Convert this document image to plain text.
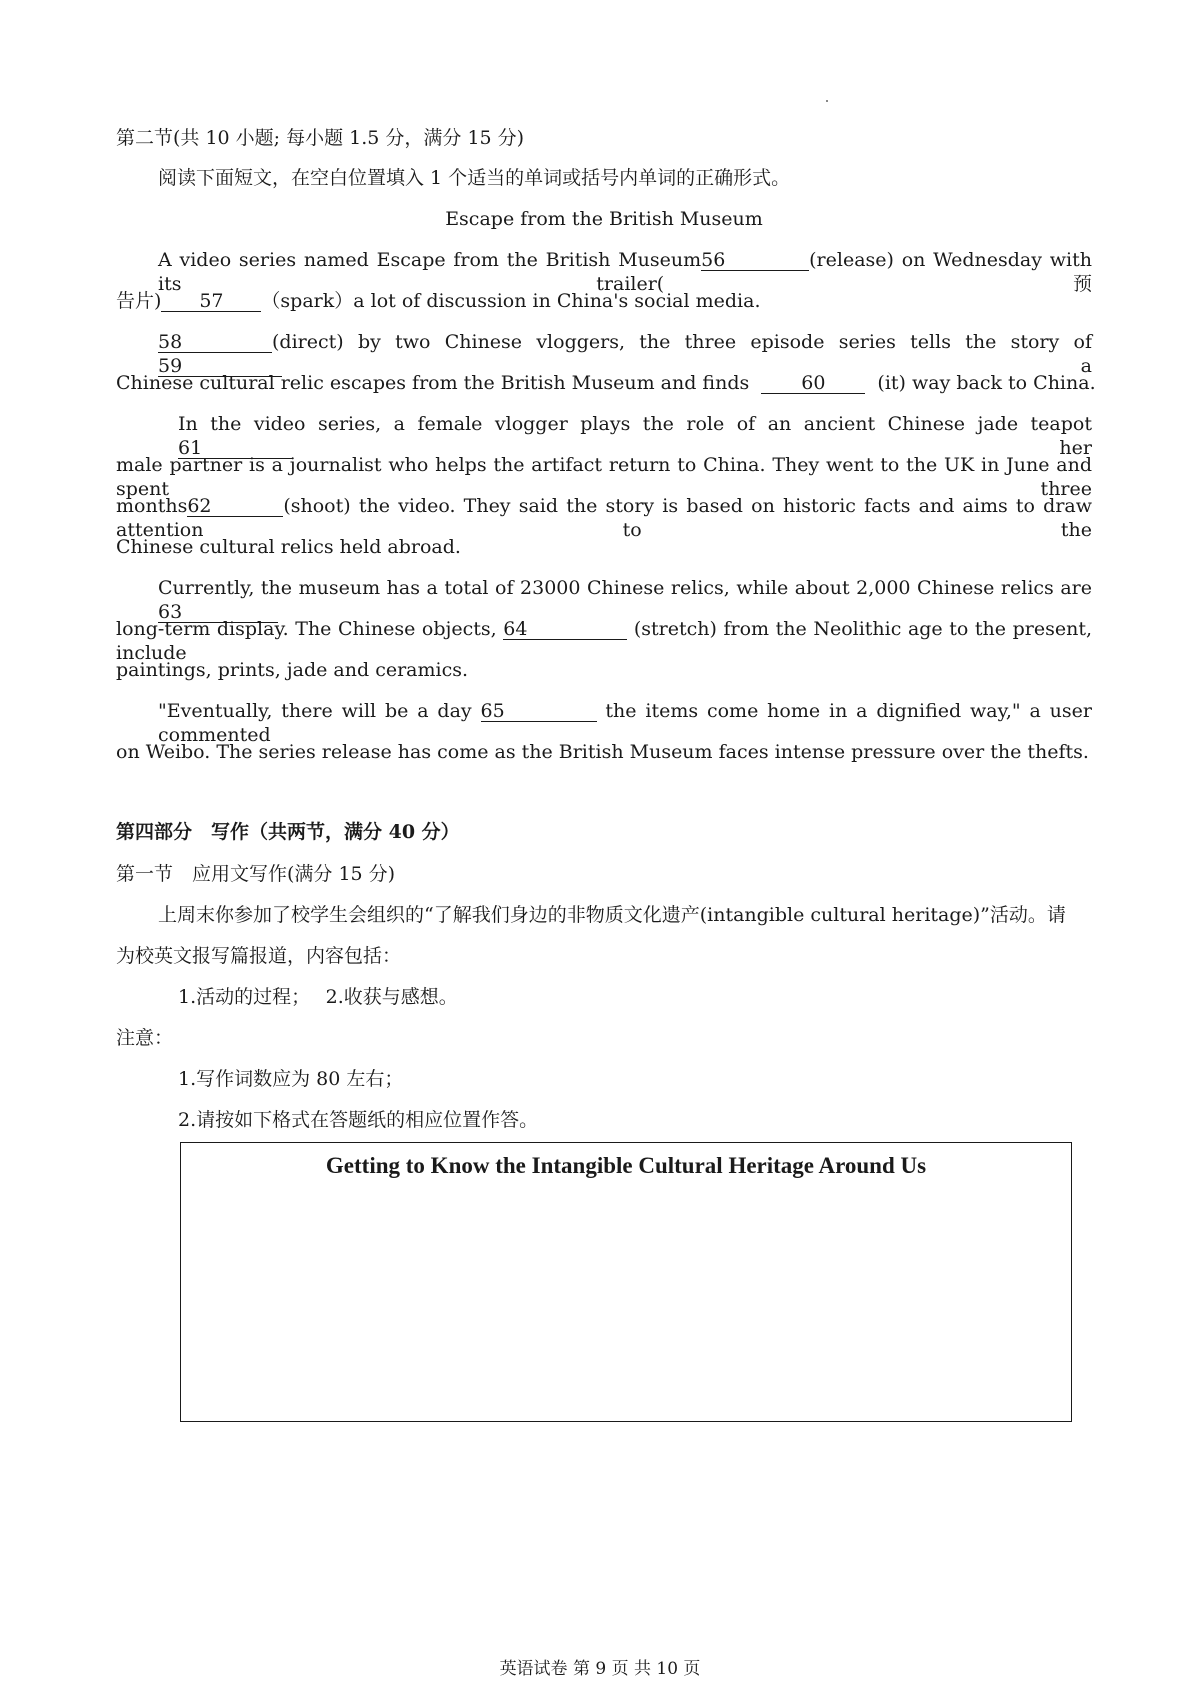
第二节(共 10 小题; 每小题 1.5 分，满分 15 分)
阅读下面短文，在空白位置填入 1 个适当的单词或括号内单词的正确形式。
Escape from the British Museum
A video series named Escape from the British Museum56	(release) on Wednesday with its trailer(预
告片) 57 （spark）a lot of discussion in China's social media.
58	(direct) by two Chinese vloggers, the three episode series tells the story of 59	a
Chinese cultural relic escapes from the British Museum and finds	60	(it) way back to China.
In the video series, a female vlogger plays the role of an ancient Chinese jade teapot 61	her
male partner is a journalist who helps the artifact return to China. They went to the UK in June and spent three
months62	(shoot) the video. They said the story is based on historic facts and aims to draw attention to the
Chinese cultural relics held abroad.
Currently, the museum has a total of 23000 Chinese relics, while about 2,000 Chinese relics are63
long-term display. The Chinese objects, 64	(stretch) from the Neolithic age to the present, include
paintings, prints, jade and ceramics.
"Eventually, there will be a day 65	the items come home in a dignified way," a user commented
on Weibo. The series release has come as the British Museum faces intense pressure over the thefts.
第四部分　写作（共两节，满分 40 分）
第一节　应用文写作(满分 15 分)
上周末你参加了校学生会组织的“了解我们身边的非物质文化遗产(intangible cultural heritage)”活动。请
为校英文报写篇报道，内容包括：
1.活动的过程；　 2.收获与感想。
注意：
1.写作词数应为 80 左右；
2.请按如下格式在答题纸的相应位置作答。
Getting to Know the Intangible Cultural Heritage Around Us
英语试卷 第 9 页 共 10 页
